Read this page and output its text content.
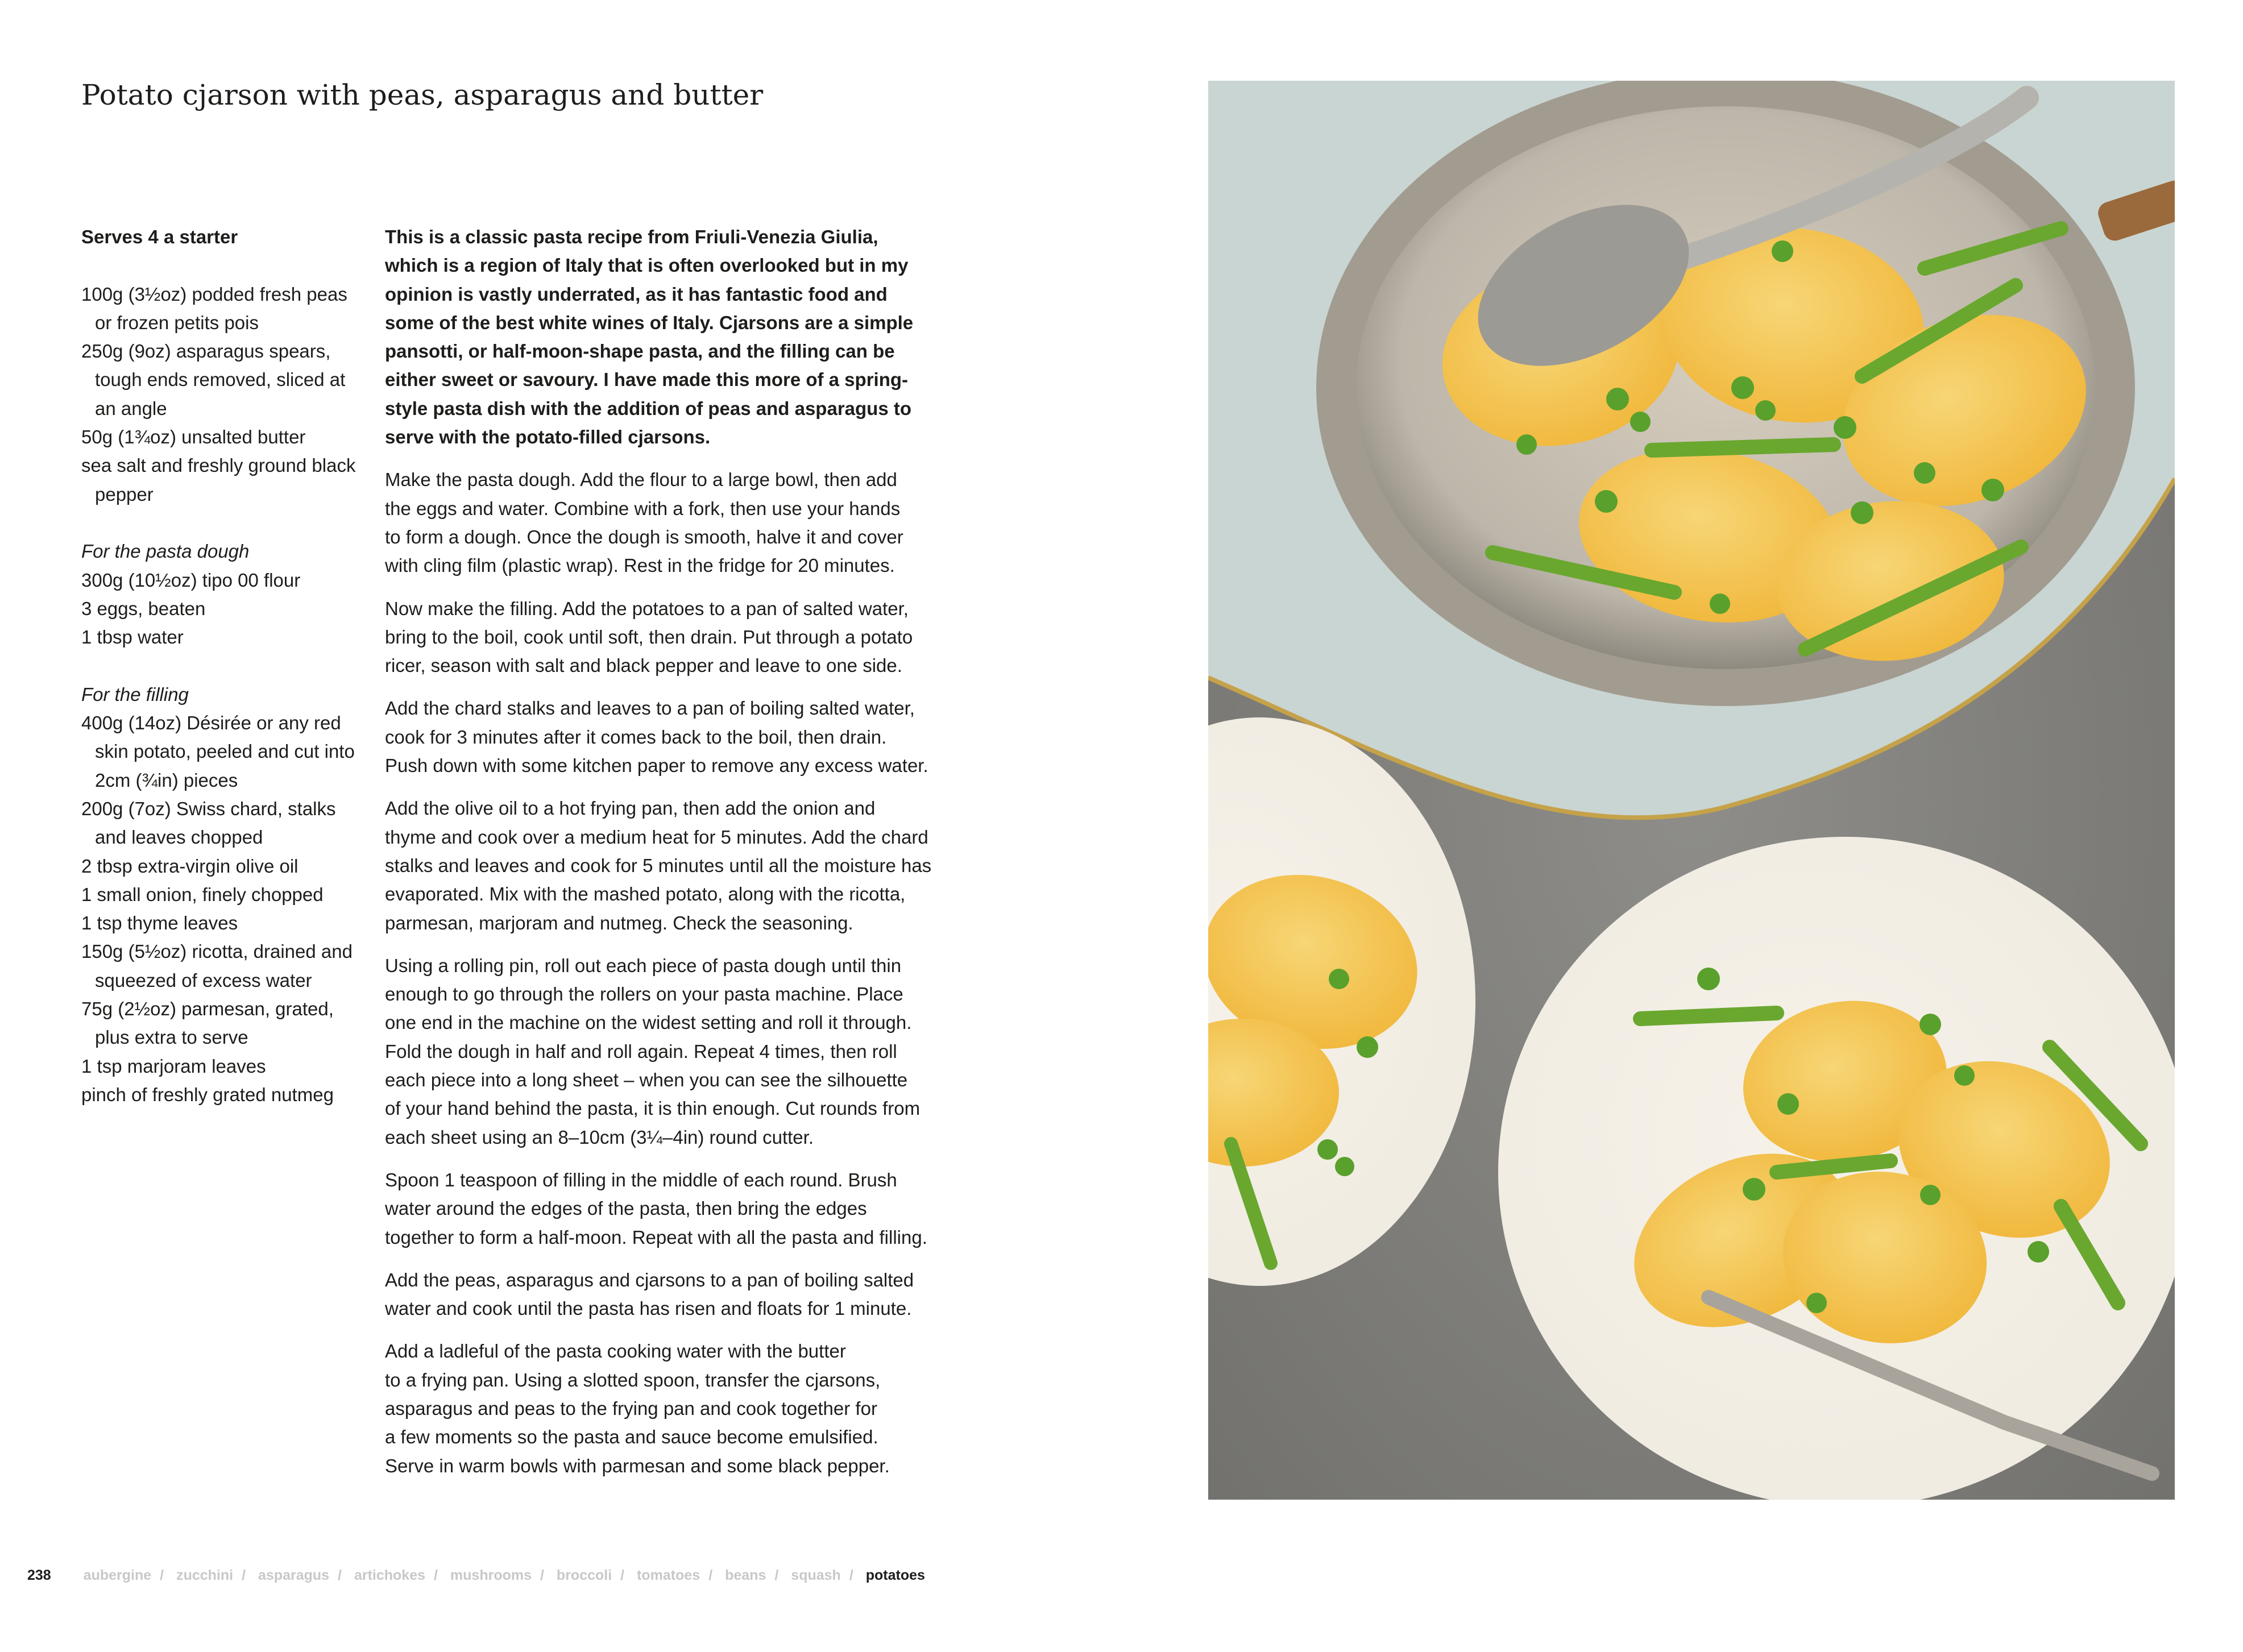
Potato cjarson with peas, asparagus and butter

Serves 4 a starter

100g (3½oz) podded fresh peas or frozen petits pois

250g (9oz) asparagus spears, tough ends removed, sliced at an angle

50g (1¾oz) unsalted butter

sea salt and freshly ground black pepper

For the pasta dough

300g (10½oz) tipo 00 flour

3 eggs, beaten

1 tbsp water

For the filling

400g (14oz) Désirée or any red skin potato, peeled and cut into 2cm (¾in) pieces

200g (7oz) Swiss chard, stalks and leaves chopped

2 tbsp extra-virgin olive oil

1 small onion, finely chopped

1 tsp thyme leaves

150g (5½oz) ricotta, drained and squeezed of excess water

75g (2½oz) parmesan, grated, plus extra to serve

1 tsp marjoram leaves

pinch of freshly grated nutmeg

This is a classic pasta recipe from Friuli-Venezia Giulia,
which is a region of Italy that is often overlooked but in my
opinion is vastly underrated, as it has fantastic food and
some of the best white wines of Italy. Cjarsons are a simple
pansotti, or half-moon-shape pasta, and the filling can be
either sweet or savoury. I have made this more of a spring-
style pasta dish with the addition of peas and asparagus to
serve with the potato-filled cjarsons.

Make the pasta dough. Add the flour to a large bowl, then add
the eggs and water. Combine with a fork, then use your hands
to form a dough. Once the dough is smooth, halve it and cover
with cling film (plastic wrap). Rest in the fridge for 20 minutes.

Now make the filling. Add the potatoes to a pan of salted water,
bring to the boil, cook until soft, then drain. Put through a potato
ricer, season with salt and black pepper and leave to one side.

Add the chard stalks and leaves to a pan of boiling salted water,
cook for 3 minutes after it comes back to the boil, then drain.
Push down with some kitchen paper to remove any excess water.

Add the olive oil to a hot frying pan, then add the onion and
thyme and cook over a medium heat for 5 minutes. Add the chard
stalks and leaves and cook for 5 minutes until all the moisture has
evaporated. Mix with the mashed potato, along with the ricotta,
parmesan, marjoram and nutmeg. Check the seasoning.

Using a rolling pin, roll out each piece of pasta dough until thin
enough to go through the rollers on your pasta machine. Place
one end in the machine on the widest setting and roll it through.
Fold the dough in half and roll again. Repeat 4 times, then roll
each piece into a long sheet – when you can see the silhouette
of your hand behind the pasta, it is thin enough. Cut rounds from
each sheet using an 8–10cm (3¼–4in) round cutter.

Spoon 1 teaspoon of filling in the middle of each round. Brush
water around the edges of the pasta, then bring the edges
together to form a half-moon. Repeat with all the pasta and filling.

Add the peas, asparagus and cjarsons to a pan of boiling salted
water and cook until the pasta has risen and floats for 1 minute.

Add a ladleful of the pasta cooking water with the butter
to a frying pan. Using a slotted spoon, transfer the cjarsons,
asparagus and peas to the frying pan and cook together for
a few moments so the pasta and sauce become emulsified.
Serve in warm bowls with parmesan and some black pepper.

238 aubergine / zucchini / asparagus / artichokes / mushrooms / broccoli / tomatoes / beans / squash / potatoes
